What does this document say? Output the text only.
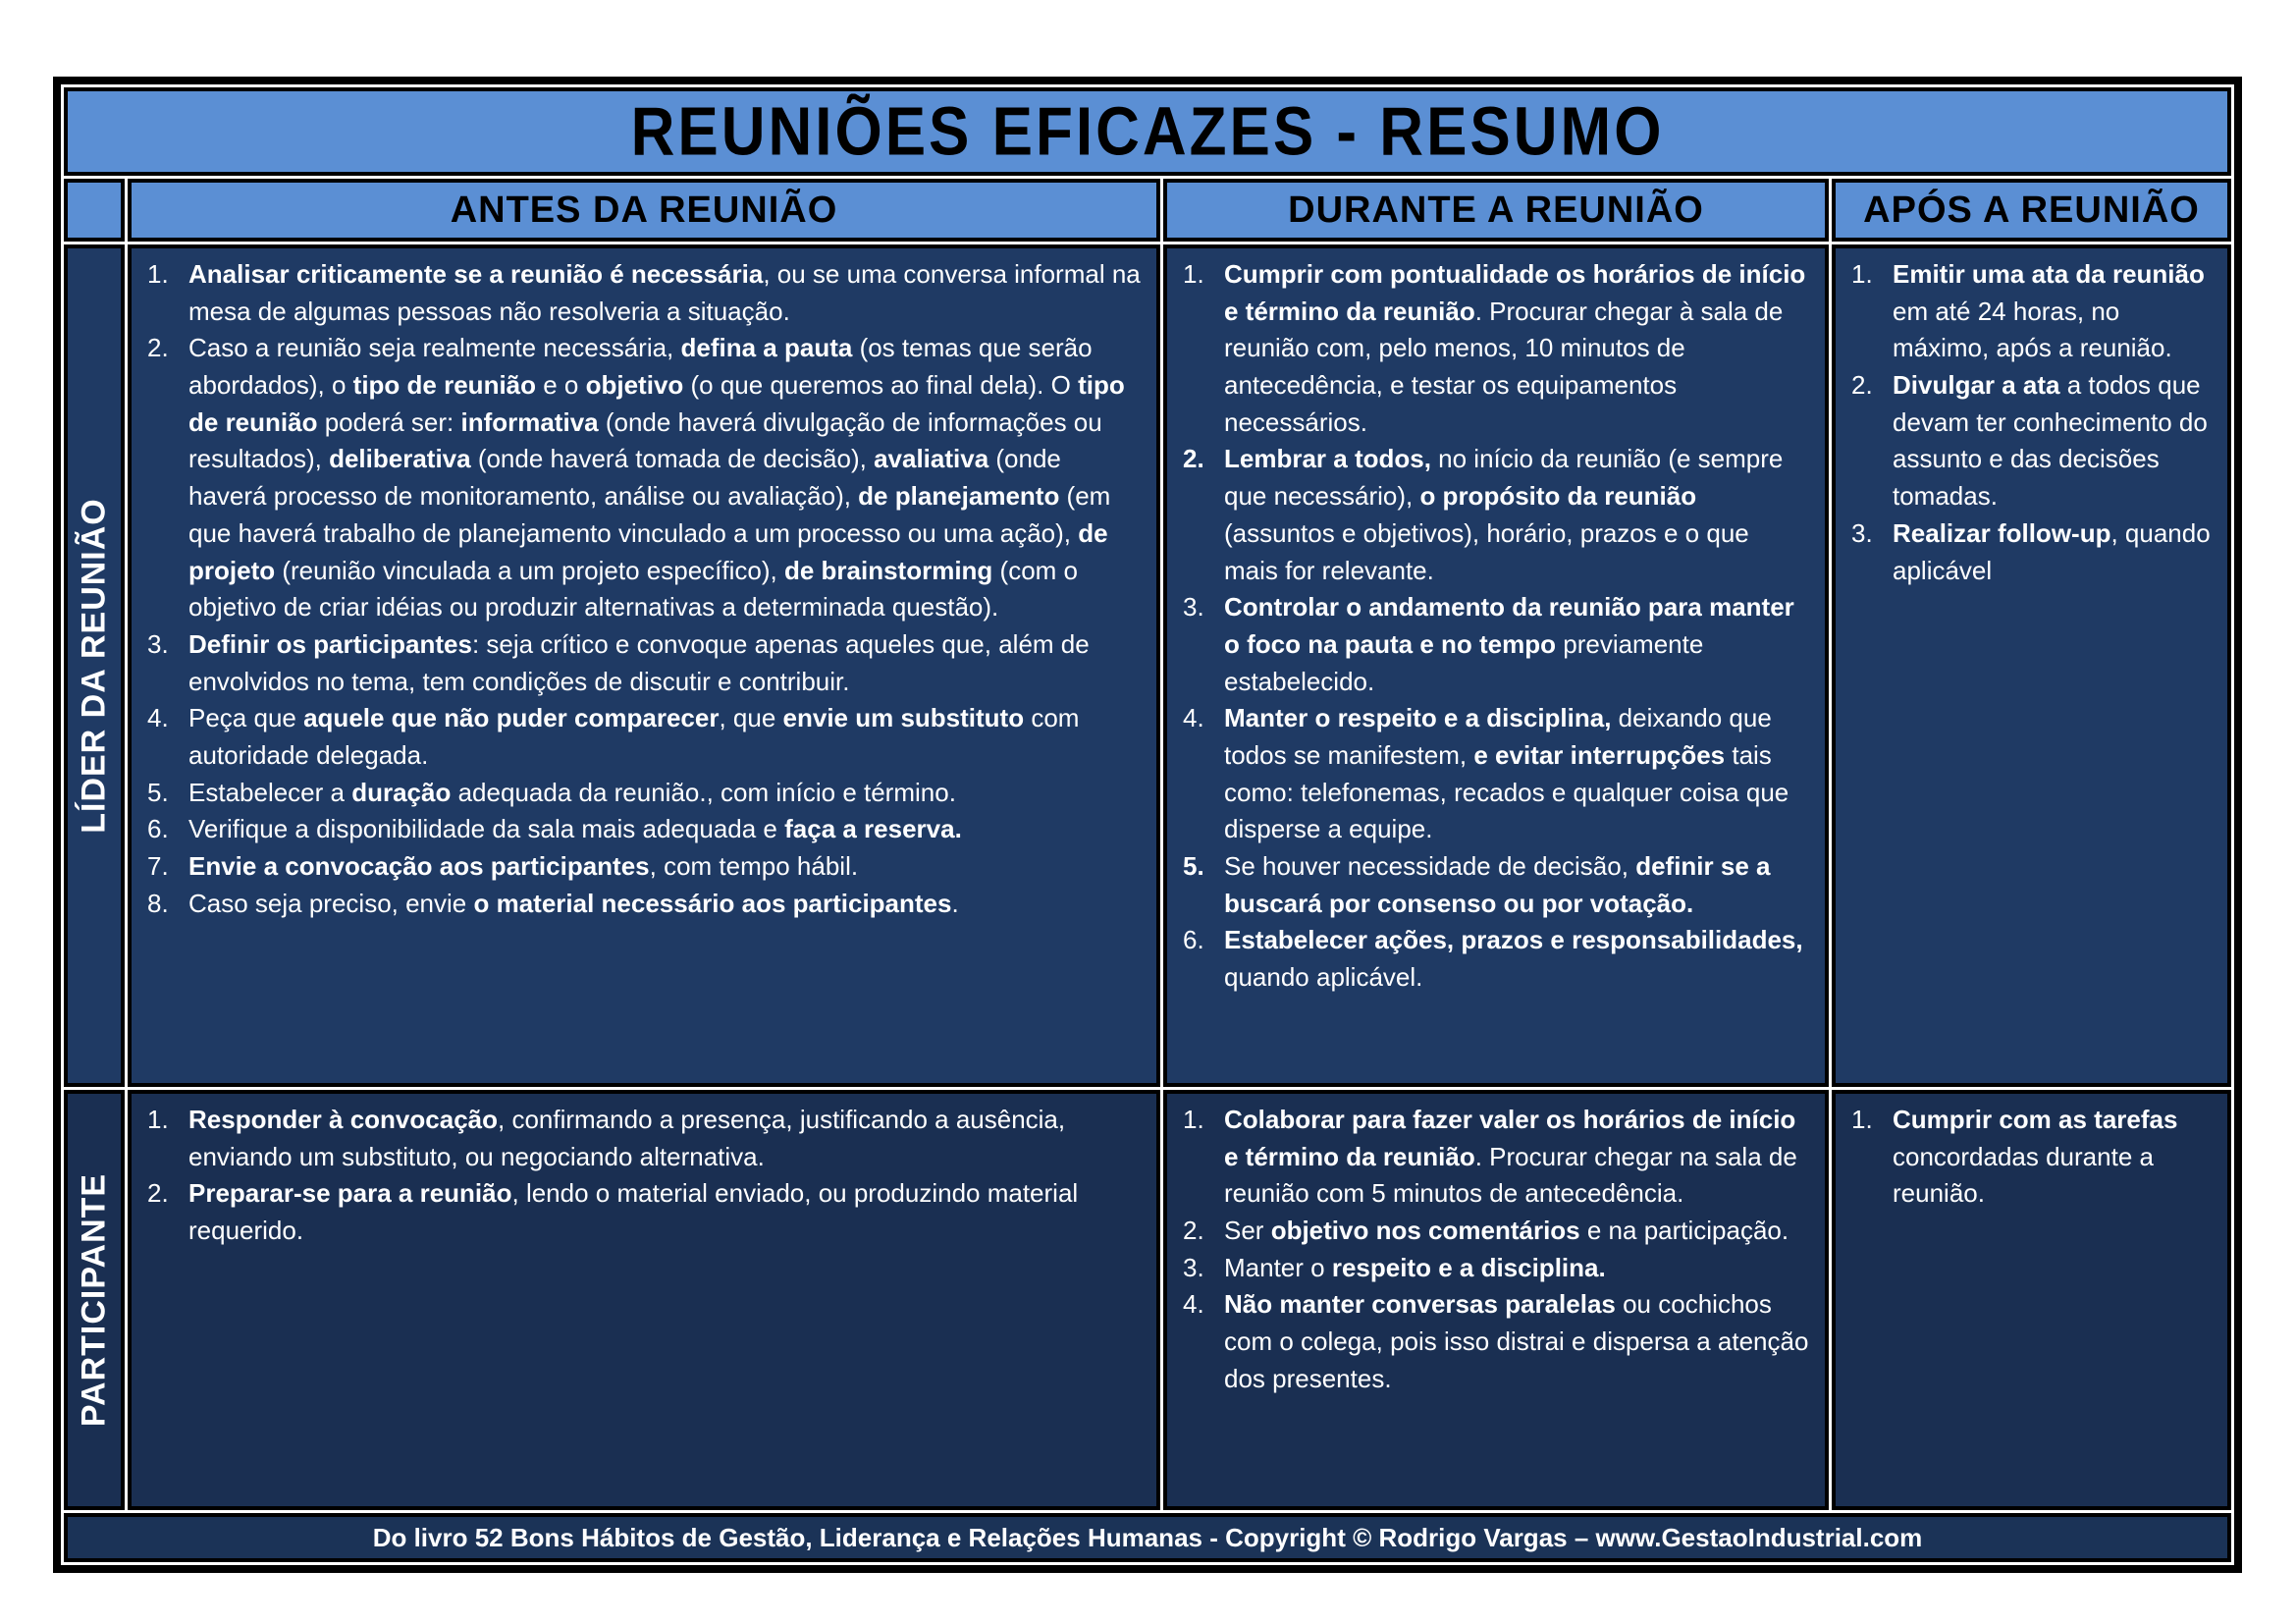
REUNIÕES EFICAZES - RESUMO
ANTES DA REUNIÃO	DURANTE A REUNIÃO	APÓS A REUNIÃO
LÍDER DA REUNIÃO
1. Analisar criticamente se a reunião é necessária, ou se uma conversa informal na mesa de algumas pessoas não resolveria a situação.
2. Caso a reunião seja realmente necessária, defina a pauta (os temas que serão abordados), o tipo de reunião e o objetivo (o que queremos ao final dela). O tipo de reunião poderá ser: informativa (onde haverá divulgação de informações ou resultados), deliberativa (onde haverá tomada de decisão), avaliativa (onde haverá processo de monitoramento, análise ou avaliação), de planejamento (em que haverá trabalho de planejamento vinculado a um processo ou uma ação), de projeto (reunião vinculada a um projeto específico), de brainstorming (com o objetivo de criar idéias ou produzir alternativas a determinada questão).
3. Definir os participantes: seja crítico e convoque apenas aqueles que, além de envolvidos no tema, tem condições de discutir e contribuir.
4. Peça que aquele que não puder comparecer, que envie um substituto com autoridade delegada.
5. Estabelecer a duração adequada da reunião., com início e término.
6. Verifique a disponibilidade da sala mais adequada e faça a reserva.
7. Envie a convocação aos participantes, com tempo hábil.
8. Caso seja preciso, envie o material necessário aos participantes.
1. Cumprir com pontualidade os horários de início e término da reunião. Procurar chegar à sala de reunião com, pelo menos, 10 minutos de antecedência, e testar os equipamentos necessários.
2. Lembrar a todos, no início da reunião (e sempre que necessário), o propósito da reunião (assuntos e objetivos), horário, prazos e o que mais for relevante.
3. Controlar o andamento da reunião para manter o foco na pauta e no tempo previamente estabelecido.
4. Manter o respeito e a disciplina, deixando que todos se manifestem, e evitar interrupções tais como: telefonemas, recados e qualquer coisa que disperse a equipe.
5. Se houver necessidade de decisão, definir se a buscará por consenso ou por votação.
6. Estabelecer ações, prazos e responsabilidades, quando aplicável.
1. Emitir uma ata da reunião em até 24 horas, no máximo, após a reunião.
2. Divulgar a ata a todos que devam ter conhecimento do assunto e das decisões tomadas.
3. Realizar follow-up, quando aplicável
PARTICIPANTE
1. Responder à convocação, confirmando a presença, justificando a ausência, enviando um substituto, ou negociando alternativa.
2. Preparar-se para a reunião, lendo o material enviado, ou produzindo material requerido.
1. Colaborar para fazer valer os horários de início e término da reunião. Procurar chegar na sala de reunião com 5 minutos de antecedência.
2. Ser objetivo nos comentários e na participação.
3. Manter o respeito e a disciplina.
4. Não manter conversas paralelas ou cochichos com o colega, pois isso distrai e dispersa a atenção dos presentes.
1. Cumprir com as tarefas concordadas durante a reunião.
Do livro 52 Bons Hábitos de Gestão, Liderança e Relações Humanas - Copyright © Rodrigo Vargas – www.GestaoIndustrial.com
